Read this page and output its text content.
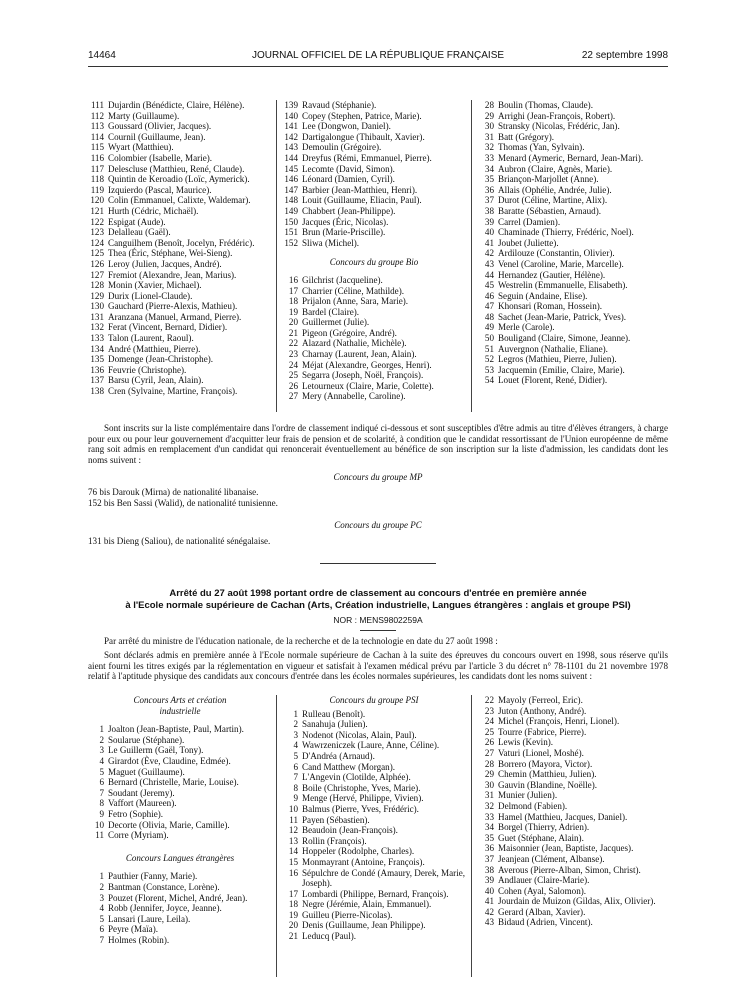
14464	JOURNAL OFFICIEL DE LA RÉPUBLIQUE FRANÇAISE	22 septembre 1998
111 Dujardin (Bénédicte, Claire, Hélène).
112 Marty (Guillaume).
113 Goussard (Olivier, Jacques).
114 Cournil (Guillaume, Jean).
115 Wyart (Matthieu).
116 Colombier (Isabelle, Marie).
117 Delescluse (Matthieu, René, Claude).
118 Quintin de Keroadio (Loïc, Aymerick).
119 Izquierdo (Pascal, Maurice).
120 Colin (Emmanuel, Calixte, Waldemar).
121 Hurth (Cédric, Michaël).
122 Espigat (Aude).
123 Delalleau (Gaël).
124 Canguilhem (Benoît, Jocelyn, Frédéric).
125 Thea (Éric, Stéphane, Wei-Sieng).
126 Leroy (Julien, Jacques, André).
127 Fremiot (Alexandre, Jean, Marius).
128 Monin (Xavier, Michael).
129 Durix (Lionel-Claude).
130 Gauchard (Pierre-Alexis, Mathieu).
131 Aranzana (Manuel, Armand, Pierre).
132 Ferat (Vincent, Bernard, Didier).
133 Talon (Laurent, Raoul).
134 André (Matthieu, Pierre).
135 Domenge (Jean-Christophe).
136 Feuvrie (Christophe).
137 Barsu (Cyril, Jean, Alain).
138 Cren (Sylvaine, Martine, François).
139 Ravaud (Stéphanie).
140 Copey (Stephen, Patrice, Marie).
141 Lee (Dongwon, Daniel).
142 Dartigalongue (Thibault, Xavier).
143 Demoulin (Grégoire).
144 Dreyfus (Rémi, Emmanuel, Pierre).
145 Lecomte (David, Simon).
146 Léonard (Damien, Cyril).
147 Barbier (Jean-Matthieu, Henri).
148 Louit (Guillaume, Eliacin, Paul).
149 Chabbert (Jean-Philippe).
150 Jacques (Éric, Nicolas).
151 Brun (Marie-Priscille).
152 Sliwa (Michel).
Concours du groupe Bio
16 Gilchrist (Jacqueline).
17 Charrier (Céline, Mathilde).
18 Prijalon (Anne, Sara, Marie).
19 Bardel (Claire).
20 Guillermet (Julie).
21 Pigeon (Grégoire, André).
22 Alazard (Nathalie, Michèle).
23 Charnay (Laurent, Jean, Alain).
24 Méjat (Alexandre, Georges, Henri).
25 Segarra (Joseph, Noël, François).
26 Letourneux (Claire, Marie, Colette).
27 Mery (Annabelle, Caroline).
28 Boulin (Thomas, Claude).
29 Arrighi (Jean-François, Robert).
30 Stransky (Nicolas, Frédéric, Jan).
31 Batt (Grégory).
32 Thomas (Yan, Sylvain).
33 Menard (Aymeric, Bernard, Jean-Mari).
34 Aubron (Claire, Agnès, Marie).
35 Briançon-Marjollet (Anne).
36 Allais (Ophélie, Andrée, Julie).
37 Durot (Céline, Martine, Alix).
38 Baratte (Sébastien, Arnaud).
39 Carrel (Damien).
40 Chaminade (Thierry, Frédéric, Noel).
41 Joubet (Juliette).
42 Ardilouze (Constantin, Olivier).
43 Venel (Caroline, Marie, Marcelle).
44 Hernandez (Gautier, Hélène).
45 Westrelin (Emmanuelle, Elisabeth).
46 Seguin (Andaine, Elise).
47 Khonsari (Roman, Hossein).
48 Sachet (Jean-Marie, Patrick, Yves).
49 Merle (Carole).
50 Bouligand (Claire, Simone, Jeanne).
51 Auvergnon (Nathalie, Eliane).
52 Legros (Mathieu, Pierre, Julien).
53 Jacquemin (Emilie, Claire, Marie).
54 Louet (Florent, René, Didier).
Sont inscrits sur la liste complémentaire dans l'ordre de classement indiqué ci-dessous et sont susceptibles d'être admis au titre d'élèves étrangers, à charge pour eux ou pour leur gouvernement d'acquitter leur frais de pension et de scolarité, à condition que le candidat ressortissant de l'Union européenne de même rang soit admis en remplacement d'un candidat qui renoncerait éventuellement au bénéfice de son inscription sur la liste d'admission, les candidats dont les noms suivent :
Concours du groupe MP
76 bis Darouk (Mirna) de nationalité libanaise.
152 bis Ben Sassi (Walid), de nationalité tunisienne.
Concours du groupe PC
131 bis Dieng (Saliou), de nationalité sénégalaise.
Arrêté du 27 août 1998 portant ordre de classement au concours d'entrée en première année
à l'Ecole normale supérieure de Cachan (Arts, Création industrielle, Langues étrangères : anglais et groupe PSI)
NOR : MENS9802259A
Par arrêté du ministre de l'éducation nationale, de la recherche et de la technologie en date du 27 août 1998 :
Sont déclarés admis en première année à l'Ecole normale supérieure de Cachan à la suite des épreuves du concours ouvert en 1998, sous réserve qu'ils aient fourni les titres exigés par la réglementation en vigueur et satisfait à l'examen médical prévu par l'article 3 du décret n° 78-1101 du 21 novembre 1978 relatif à l'aptitude physique des candidats aux concours d'entrée dans les écoles normales supérieures, les candidats dont les noms suivent :
Concours Arts et création industrielle
1 Joalton (Jean-Baptiste, Paul, Martin).
2 Soularue (Stéphane).
3 Le Guillerm (Gaël, Tony).
4 Girardot (Ève, Claudine, Edmée).
5 Maguet (Guillaume).
6 Bernard (Christelle, Marie, Louise).
7 Soudant (Jeremy).
8 Vaffort (Maureen).
9 Fetro (Sophie).
10 Decorte (Olivia, Marie, Camille).
11 Corre (Myriam).
Concours Langues étrangères
1 Pauthier (Fanny, Marie).
2 Bantman (Constance, Lorène).
3 Pouzet (Florent, Michel, André, Jean).
4 Robb (Jennifer, Joyce, Jeanne).
5 Lansari (Laure, Leila).
6 Peyre (Maïa).
7 Holmes (Robin).
Concours du groupe PSI
1 Rulleau (Benoît).
2 Sanahuja (Julien).
3 Nodenot (Nicolas, Alain, Paul).
4 Wawrzeniczek (Laure, Anne, Céline).
5 D'Andréa (Arnaud).
6 Cand Matthew (Morgan).
7 L'Angevin (Clotilde, Alphée).
8 Boile (Christophe, Yves, Marie).
9 Menge (Hervé, Philippe, Vivien).
10 Balmus (Pierre, Yves, Frédéric).
11 Payen (Sébastien).
12 Beaudoin (Jean-François).
13 Rollin (François).
14 Hoppeler (Rodolphe, Charles).
15 Monmayrant (Antoine, François).
16 Sépulchre de Condé (Amaury, Derek, Marie, Joseph).
17 Lombardi (Philippe, Bernard, François).
18 Negre (Jérémie, Alain, Emmanuel).
19 Guilleu (Pierre-Nicolas).
20 Denis (Guillaume, Jean Philippe).
21 Leducq (Paul).
22 Mayoly (Ferreol, Eric).
23 Juton (Anthony, André).
24 Michel (François, Henri, Lionel).
25 Tourre (Fabrice, Pierre).
26 Lewis (Kevin).
27 Vaturi (Lionel, Moshé).
28 Borrero (Mayora, Victor).
29 Chemin (Matthieu, Julien).
30 Gauvin (Blandine, Noëlle).
31 Munier (Julien).
32 Delmond (Fabien).
33 Hamel (Matthieu, Jacques, Daniel).
34 Borgel (Thierry, Adrien).
35 Guet (Stéphane, Alain).
36 Maisonnier (Jean, Baptiste, Jacques).
37 Jeanjean (Clément, Albanse).
38 Averous (Pierre-Alban, Simon, Christ).
39 Andlauer (Claire-Marie).
40 Cohen (Ayal, Salomon).
41 Jourdain de Muizon (Gildas, Alix, Olivier).
42 Gerard (Alban, Xavier).
43 Bidaud (Adrien, Vincent).
